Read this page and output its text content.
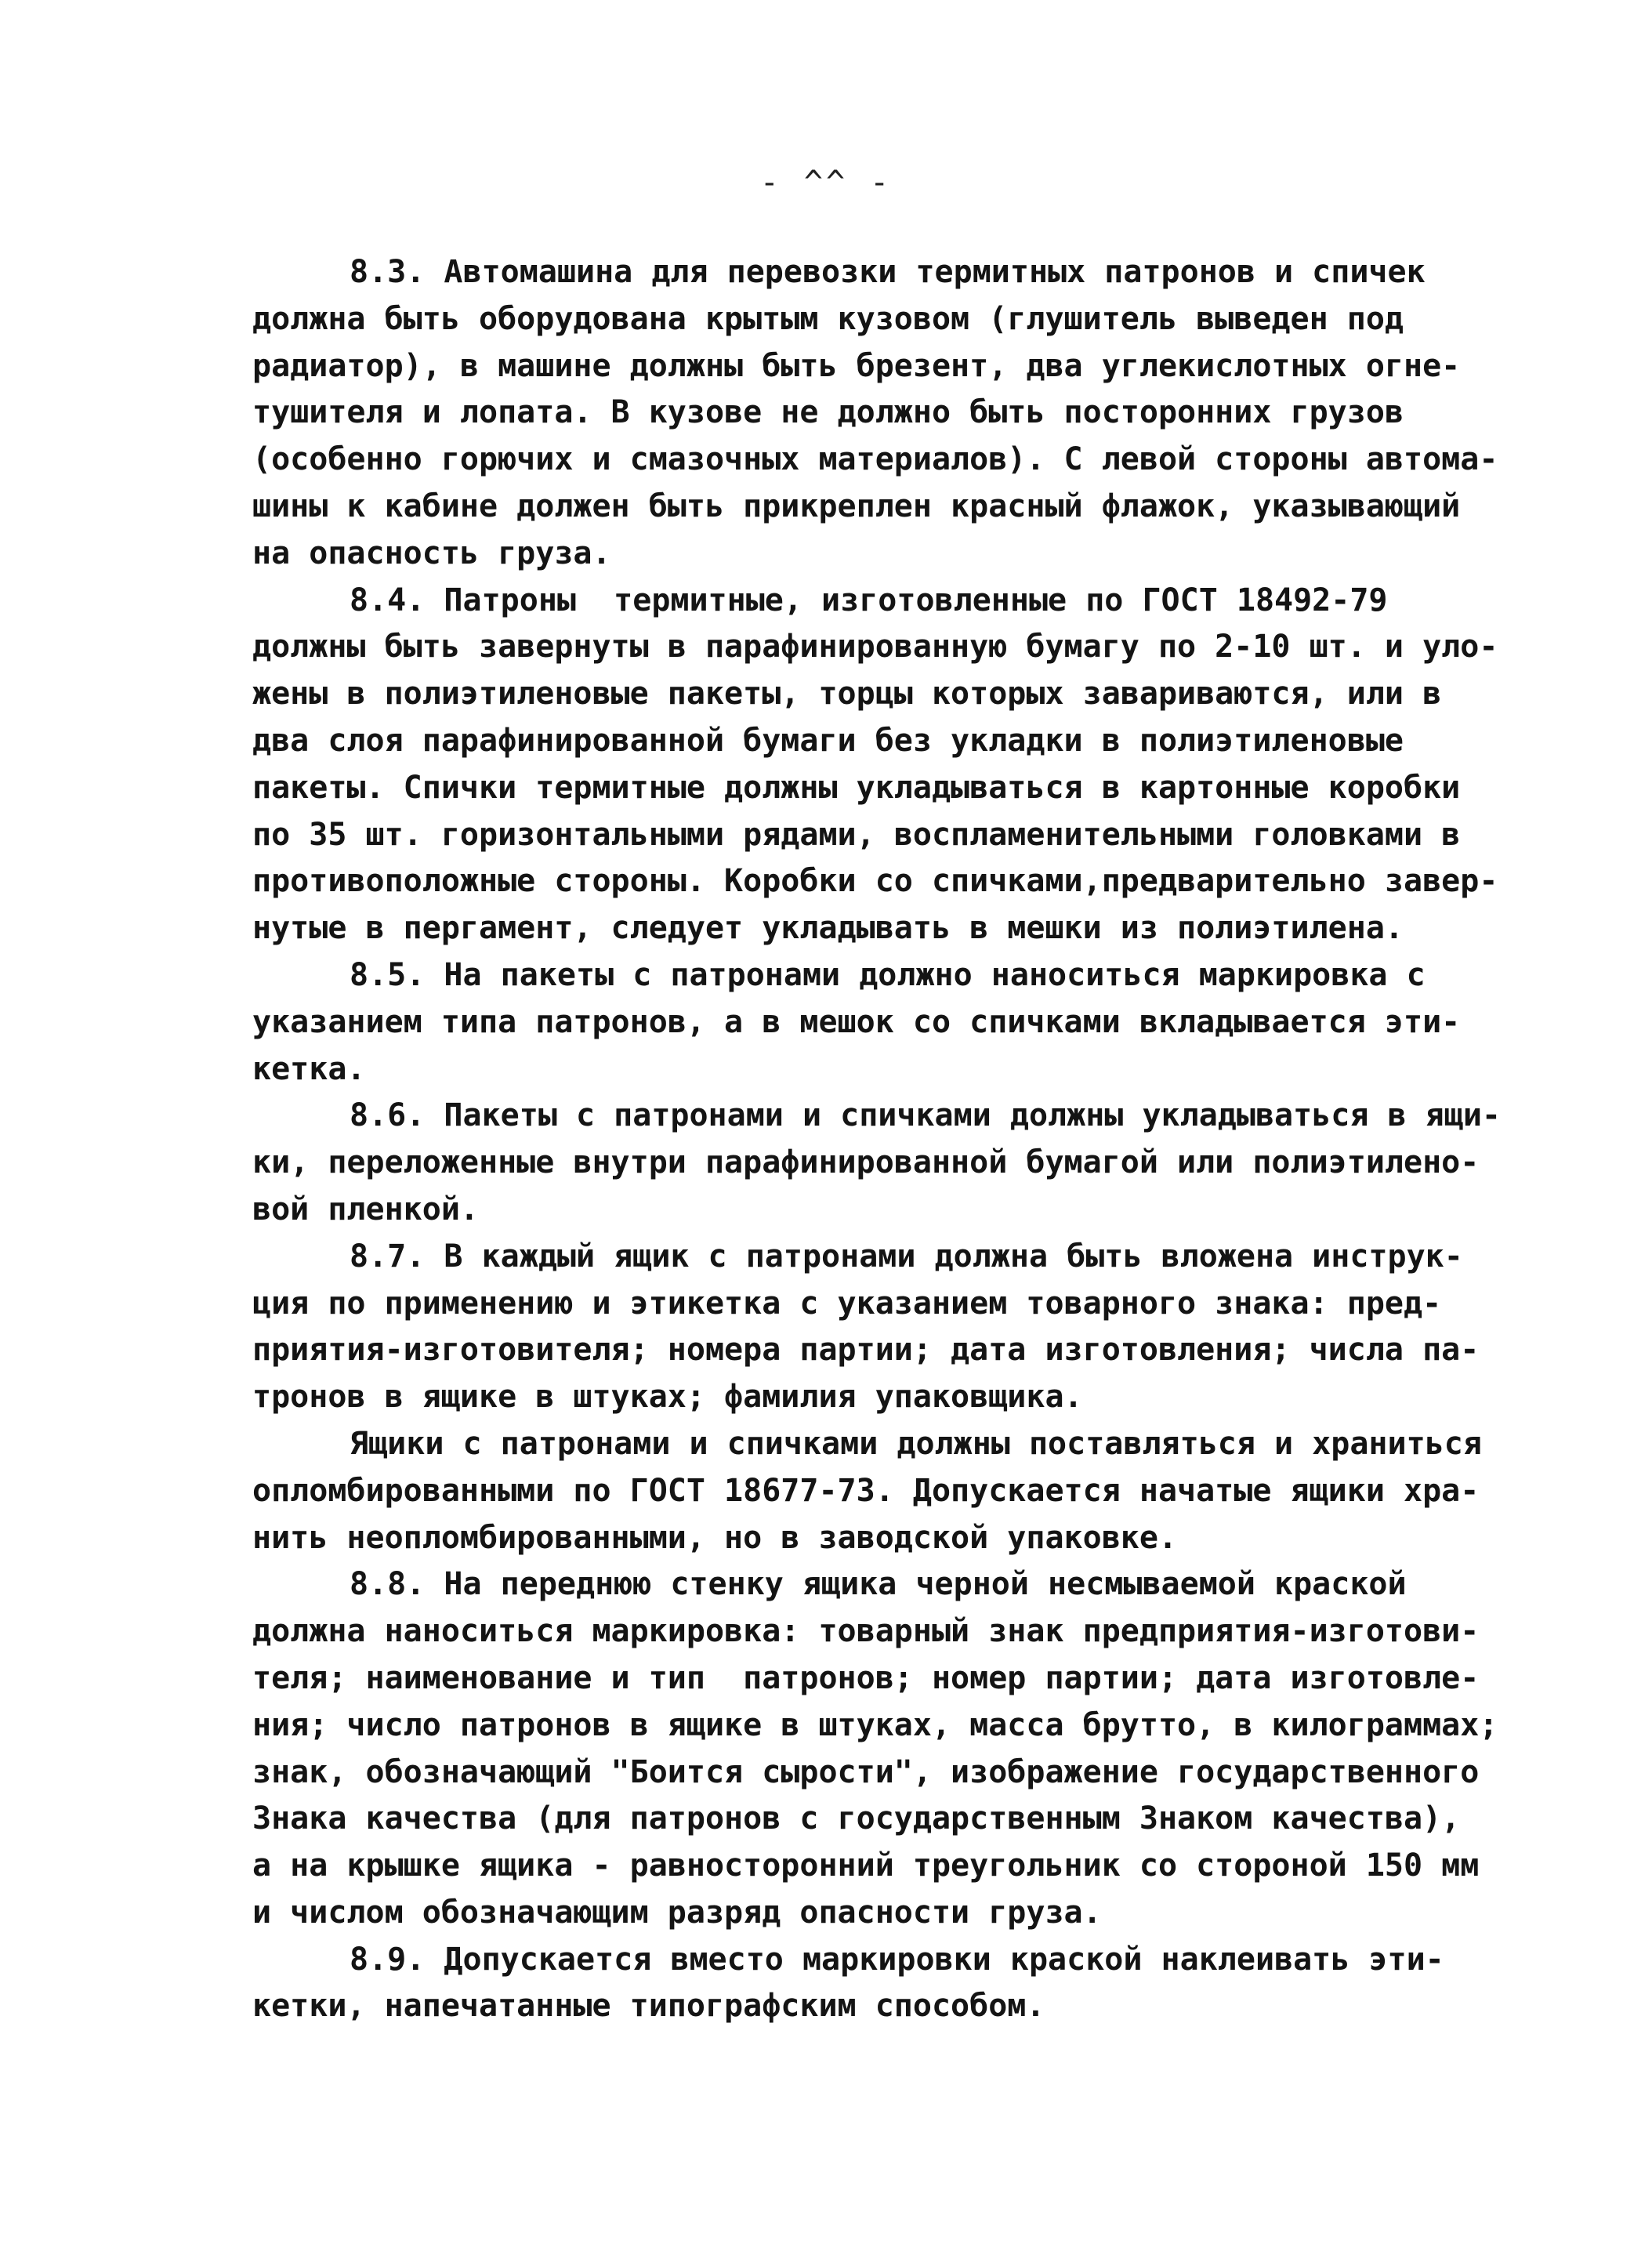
- ^^ -
8.3. Автомашина для перевозки термитных патронов и спичек
должна быть оборудована крытым кузовом (глушитель выведен под
радиатор), в машине должны быть брезент, два углекислотных огне-
тушителя и лопата. В кузове не должно быть посторонних грузов
(особенно горючих и смазочных материалов). С левой стороны автома-
шины к кабине должен быть прикреплен красный флажок, указывающий
на опасность груза.
8.4. Патроны  термитные, изготовленные по ГОСТ 18492-79
должны быть завернуты в парафинированную бумагу по 2-10 шт. и уло-
жены в полиэтиленовые пакеты, торцы которых завариваются, или в
два слоя парафинированной бумаги без укладки в полиэтиленовые
пакеты. Спички термитные должны укладываться в картонные коробки
по 35 шт. горизонтальными рядами, воспламенительными головками в
противоположные стороны. Коробки со спичками,предварительно завер-
нутые в пергамент, следует укладывать в мешки из полиэтилена.
8.5. На пакеты с патронами должно наноситься маркировка с
указанием типа патронов, а в мешок со спичками вкладывается эти-
кетка.
8.6. Пакеты с патронами и спичками должны укладываться в ящи-
ки, переложенные внутри парафинированной бумагой или полиэтилено-
вой пленкой.
8.7. В каждый ящик с патронами должна быть вложена инструк-
ция по применению и этикетка с указанием товарного знака: пред-
приятия-изготовителя; номера партии; дата изготовления; числа па-
тронов в ящике в штуках; фамилия упаковщика.
Ящики с патронами и спичками должны поставляться и храниться
опломбированными по ГОСТ 18677-73. Допускается начатые ящики хра-
нить неопломбированными, но в заводской упаковке.
8.8. На переднюю стенку ящика черной несмываемой краской
должна наноситься маркировка: товарный знак предприятия-изготови-
теля; наименование и тип  патронов; номер партии; дата изготовле-
ния; число патронов в ящике в штуках, масса брутто, в килограммах;
знак, обозначающий "Боится сырости", изображение государственного
Знака качества (для патронов с государственным Знаком качества),
а на крышке ящика - равносторонний треугольник со стороной 150 мм
и числом обозначающим разряд опасности груза.
8.9. Допускается вместо маркировки краской наклеивать эти-
кетки, напечатанные типографским способом.
